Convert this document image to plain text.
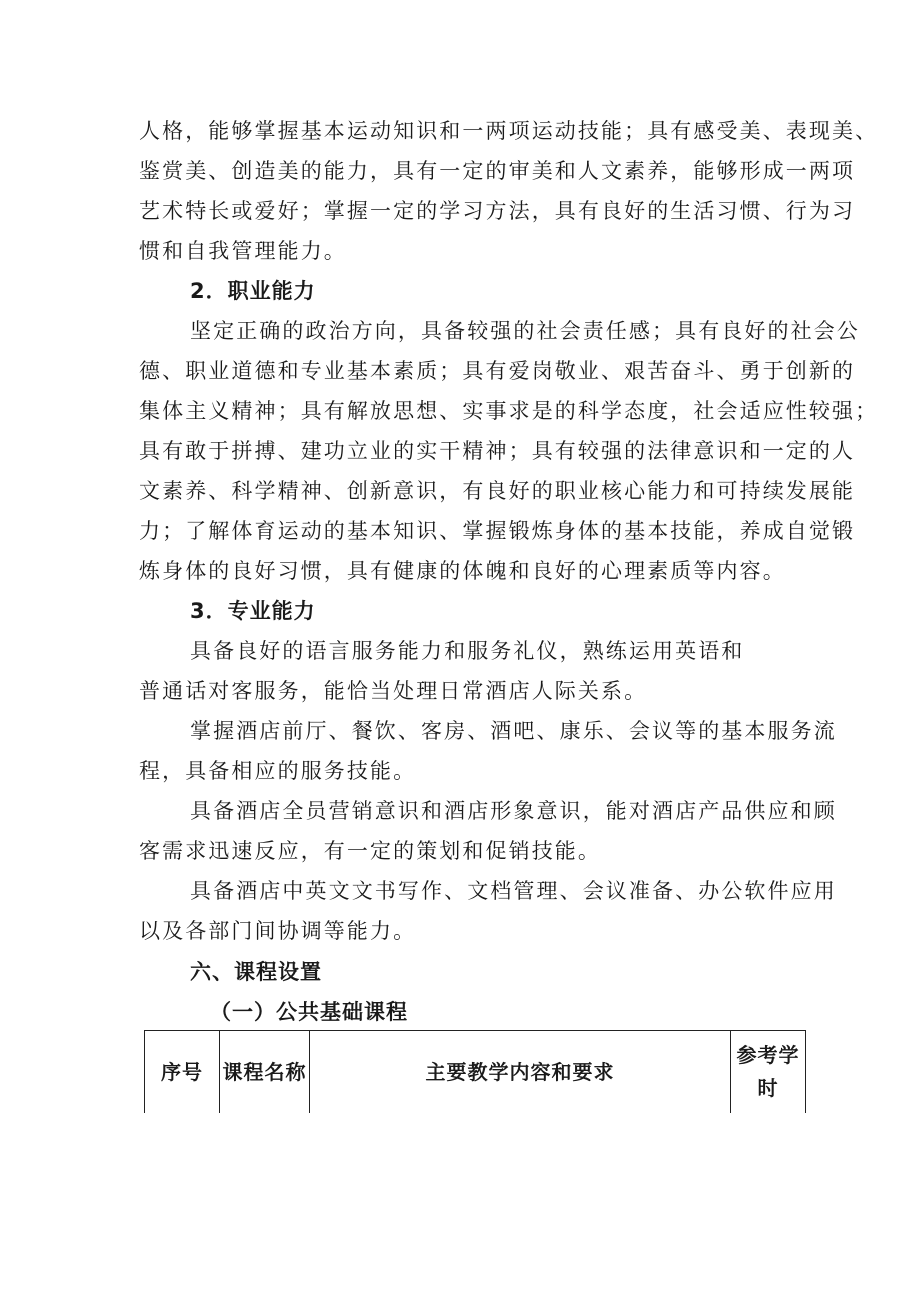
人格，能够掌握基本运动知识和一两项运动技能；具有感受美、表现美、

鉴赏美、创造美的能力，具有一定的审美和人文素养，能够形成一两项

艺术特长或爱好；掌握一定的学习方法，具有良好的生活习惯、行为习

惯和自我管理能力。

2．职业能力

坚定正确的政治方向，具备较强的社会责任感；具有良好的社会公

德、职业道德和专业基本素质；具有爱岗敬业、艰苦奋斗、勇于创新的

集体主义精神；具有解放思想、实事求是的科学态度，社会适应性较强；

具有敢于拼搏、建功立业的实干精神；具有较强的法律意识和一定的人

文素养、科学精神、创新意识，有良好的职业核心能力和可持续发展能

力；了解体育运动的基本知识、掌握锻炼身体的基本技能，养成自觉锻

炼身体的良好习惯，具有健康的体魄和良好的心理素质等内容。

3．专业能力

具备良好的语言服务能力和服务礼仪，熟练运用英语和

普通话对客服务，能恰当处理日常酒店人际关系。

掌握酒店前厅、餐饮、客房、酒吧、康乐、会议等的基本服务流

程，具备相应的服务技能。

具备酒店全员营销意识和酒店形象意识，能对酒店产品供应和顾

客需求迅速反应，有一定的策划和促销技能。

具备酒店中英文文书写作、文档管理、会议准备、办公软件应用

以及各部门间协调等能力。

六、课程设置

（一）公共基础课程

序号	课程名称	主要教学内容和要求	参考学时
